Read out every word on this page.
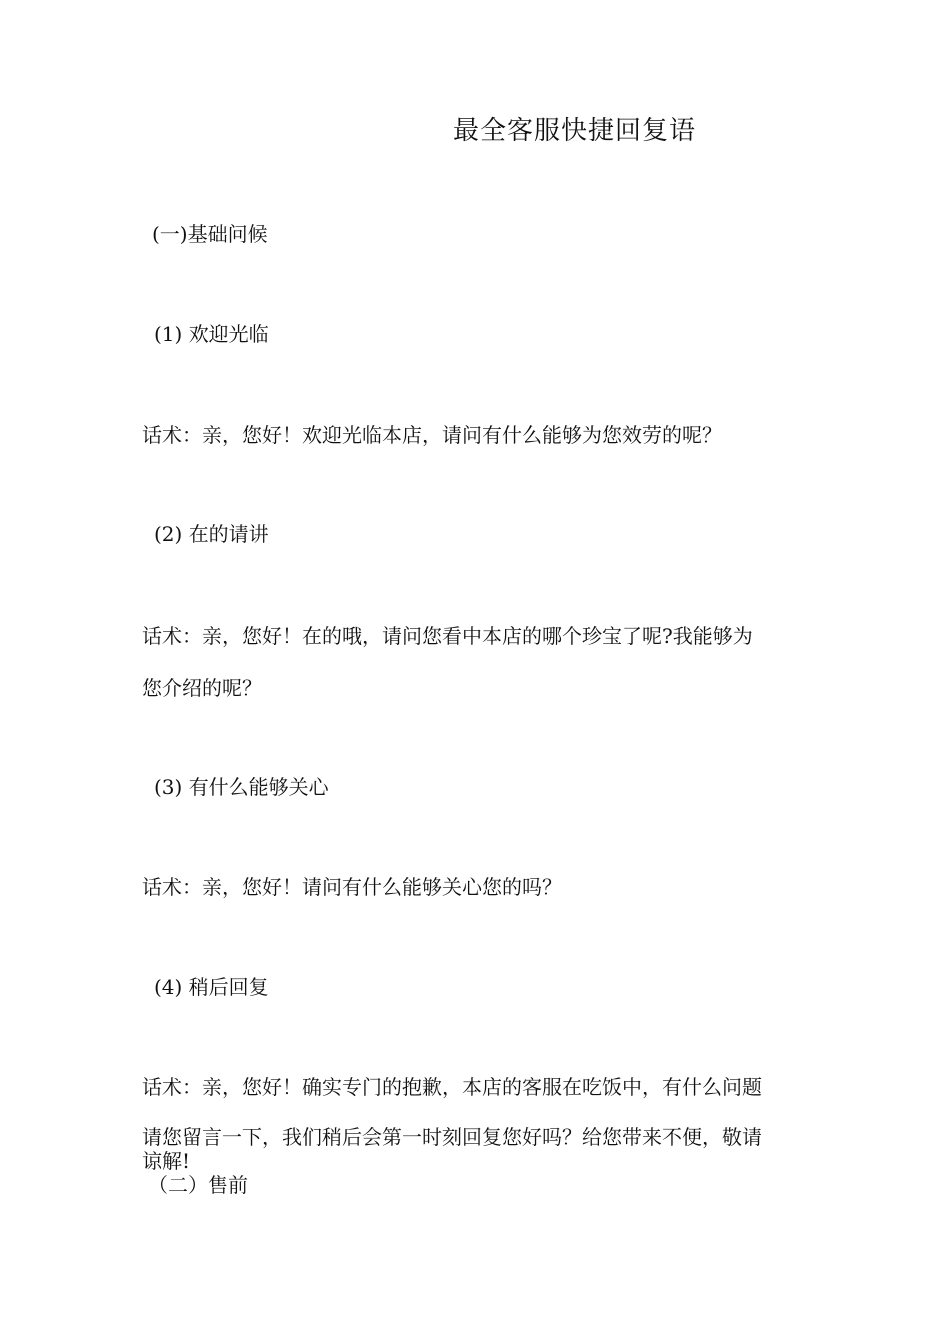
最全客服快捷回复语
(一)基础问候
(1) 欢迎光临
话术：亲，您好！欢迎光临本店，请问有什么能够为您效劳的呢？
(2) 在的请讲
话术：亲，您好！在的哦，请问您看中本店的哪个珍宝了呢?我能够为
您介绍的呢？
(3) 有什么能够关心
话术：亲，您好！请问有什么能够关心您的吗？
(4) 稍后回复
话术：亲，您好！确实专门的抱歉，本店的客服在吃饭中，有什么问题
请您留言一下，我们稍后会第一时刻回复您好吗？给您带来不便，敬请
谅解!
（二）售前
